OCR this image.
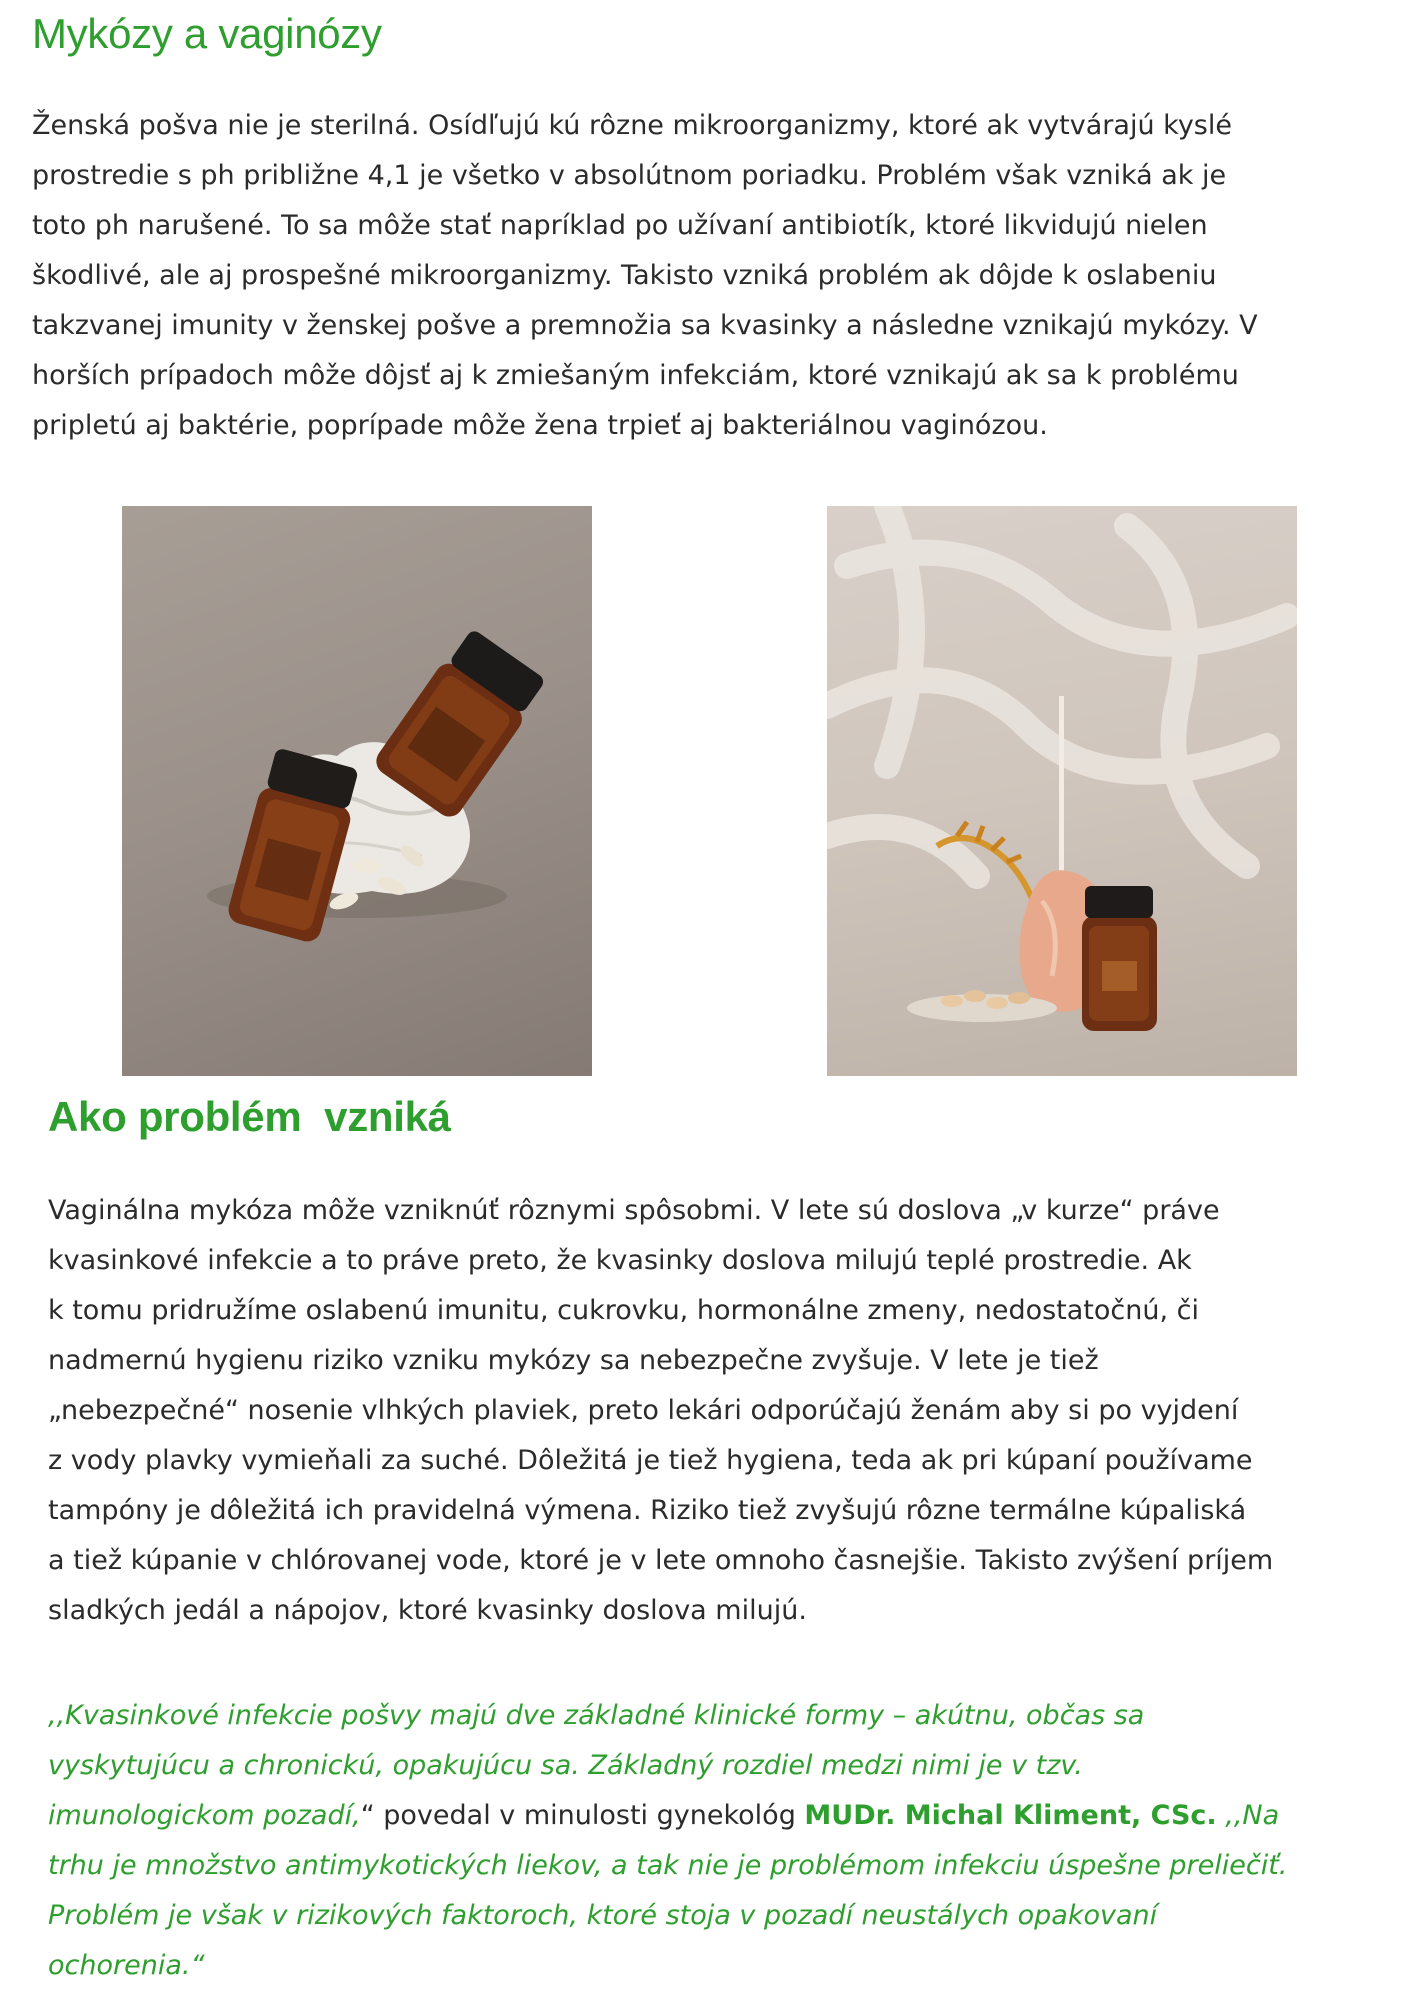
Mykózy a vaginózy
Ženská pošva nie je sterilná. Osídľujú kú rôzne mikroorganizmy, ktoré ak vytvárajú kyslé
prostredie s ph približne 4,1 je všetko v absolútnom poriadku. Problém však vzniká ak je
toto ph narušené. To sa môže stať napríklad po užívaní antibiotík, ktoré likvidujú nielen
škodlivé, ale aj prospešné mikroorganizmy. Takisto vzniká problém ak dôjde k oslabeniu
takzvanej imunity v ženskej pošve a premnožia sa kvasinky a následne vznikajú mykózy. V
horších prípadoch môže dôjsť aj k zmiešaným infekciám, ktoré vznikajú ak sa k problému
pripletú aj baktérie, poprípade môže žena trpieť aj bakteriálnou vaginózou.
Ako problém  vzniká
Vaginálna mykóza môže vzniknúť rôznymi spôsobmi. V lete sú doslova „v kurze“ práve
kvasinkové infekcie a to práve preto, že kvasinky doslova milujú teplé prostredie. Ak
k tomu pridružíme oslabenú imunitu, cukrovku, hormonálne zmeny, nedostatočnú, či
nadmernú hygienu riziko vzniku mykózy sa nebezpečne zvyšuje. V lete je tiež
„nebezpečné“ nosenie vlhkých plaviek, preto lekári odporúčajú ženám aby si po vyjdení
z vody plavky vymieňali za suché. Dôležitá je tiež hygiena, teda ak pri kúpaní používame
tampóny je dôležitá ich pravidelná výmena. Riziko tiež zvyšujú rôzne termálne kúpaliská
a tiež kúpanie v chlórovanej vode, ktoré je v lete omnoho časnejšie. Takisto zvýšení príjem
sladkých jedál a nápojov, ktoré kvasinky doslova milujú.
,,Kvasinkové infekcie pošvy majú dve základné klinické formy – akútnu, občas sa
vyskytujúcu a chronickú, opakujúcu sa. Základný rozdiel medzi nimi je v tzv.
imunologickom pozadí,“ povedal v minulosti gynekológ MUDr. Michal Kliment, CSc. ,,Na
trhu je množstvo antimykotických liekov, a tak nie je problémom infekciu úspešne preliečiť.
Problém je však v rizikových faktoroch, ktoré stoja v pozadí neustálych opakovaní
ochorenia.“
